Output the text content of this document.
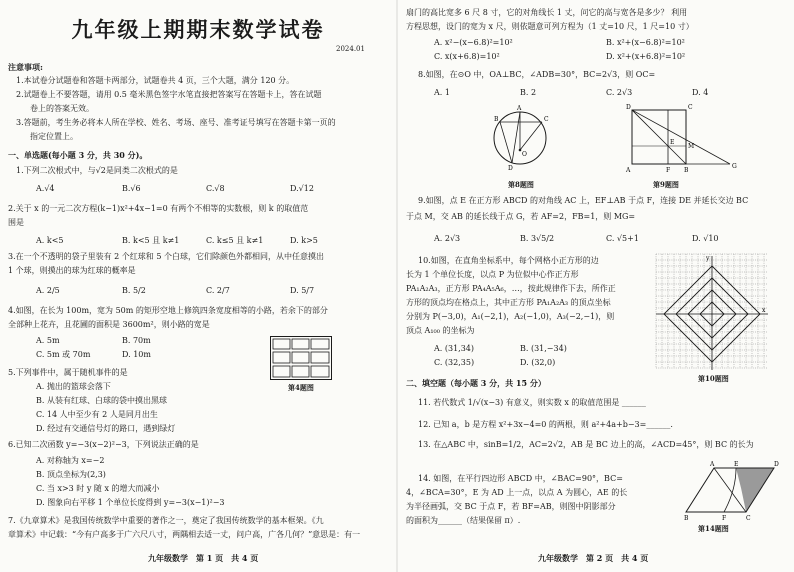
九年级上期期末数学试卷
2024.01
注意事项:
1.本试卷分试题卷和答题卡两部分，试题卷共 4 页，三个大题，满分 120 分。
2.试题卷上不要答题，请用 0.5 毫米黑色签字水笔直接把答案写在答题卡上，答在试题
卷上的答案无效。
3.答题前，考生务必将本人所在学校、姓名、考场、座号、准考证号填写在答题卡第一页的
指定位置上。
一、单选题(每小题 3 分，共 30 分)。
1.下列二次根式中，与√2是同类二次根式的是
A.√4	B.√6	C.√8	D.√12
2.关于 x 的一元二次方程(k−1)x²+4x−1=0 有两个不相等的实数根，则 k 的取值范
围是
A. k<5	B. k<5 且 k≠1	C. k≤5 且 k≠1	D. k>5
3.在一个不透明的袋子里装有 2 个红球和 5 个白球，它们除颜色外都相同，从中任意摸出
1 个球，则摸出的球为红球的概率是
A. 2/5	B. 5/2	C. 2/7	D. 5/7
4.如图，在长为 100m，宽为 50m 的矩形空地上修筑四条宽度相等的小路，若余下的部分
全部种上花卉，且花圃的面积是 3600m²，则小路的宽是
A. 5m	B. 70m
C. 5m 或 70m	D. 10m
第4题图
5.下列事件中，属于随机事件的是
A. 抛出的篮球会落下
B. 从装有红球、白球的袋中摸出黑球
C. 14 人中至少有 2 人是同月出生
D. 经过有交通信号灯的路口，遇到绿灯
6.已知二次函数 y=−3(x−2)²−3，下列说法正确的是
A. 对称轴为 x=−2
B. 顶点坐标为(2,3)
C. 当 x>3 时 y 随 x 的增大而减小
D. 图象向右平移 1 个单位长度得到 y=−3(x−1)²−3
7.《九章算术》是我国传统数学中重要的著作之一，奠定了我国传统数学的基本框架。《九
章算术》中记载：“今有户高多于广六尺八寸，两隅相去适一丈，问户高，广各几何？”意思是：有一
九年级数学　第 1 页　共 4 页
扇门的高比宽多 6 尺 8 寸，它的对角线长 1 丈，问它的高与宽各是多少？ 利用
方程思想，设门的宽为 x 尺，则依题意可列方程为（1 丈=10 尺，1 尺=10 寸）
A. x²−(x−6.8)²=10²	B. x²+(x−6.8)²=10²
C. x(x+6.8)=10²	D. x²+(x+6.8)²=10²
8.如图，在⊙O 中，OA⊥BC，∠ADB=30°，BC=2√3，则 OC=
A. 1	B. 2	C. 2√3	D. 4
A
B	C
O
D
第8题图
D	C
A	F B
M
G
E
第9题图
9.如图，点 E 在正方形 ABCD 的对角线 AC 上，EF⊥AB 于点 F，连接 DE 并延长交边 BC
于点 M，交 AB 的延长线于点 G，若 AF=2，FB=1，则 MG=
A. 2√3	B. 3√5/2	C. √5+1	D. √10
10.如图，在直角坐标系中，每个网格小正方形的边
长为 1 个单位长度，以点 P 为位似中心作正方形
PA₁A₂A₃，正方形 PA₄A₅A₆，…，按此规律作下去，所作正
方形的顶点均在格点上，其中正方形 PA₁A₂A₃ 的顶点坐标
分别为 P(−3,0)，A₁(−2,1)，A₂(−1,0)，A₃(−2,−1)，则
顶点 A₁₀₀ 的坐标为
A. (31,34)	B. (31,−34)
C. (32,35)	D. (32,0)
y
x
第10题图
二、填空题（每小题 3 分，共 15 分）
11. 若代数式 1/√(x−3) 有意义，则实数 x 的取值范围是 ______
12. 已知 a，b 是方程 x²+3x−4=0 的两根，则 a²+4a+b−3=______.
13. 在△ABC 中，sinB=1/2，AC=2√2，AB 是 BC 边上的高，∠ACD=45°，则 BC 的长为
14. 如图，在平行四边形 ABCD 中，∠BAC=90°，BC=
4，∠BCA=30°，E 为 AD 上一点，以点 A 为圆心，AE 的长
为半径画弧，交 BC 于点 F，若 BF=AB，则图中阴影部分
的面积为______（结果保留 π）.
A	E	D
B	F	C
第14题图
九年级数学　第 2 页　共 4 页
